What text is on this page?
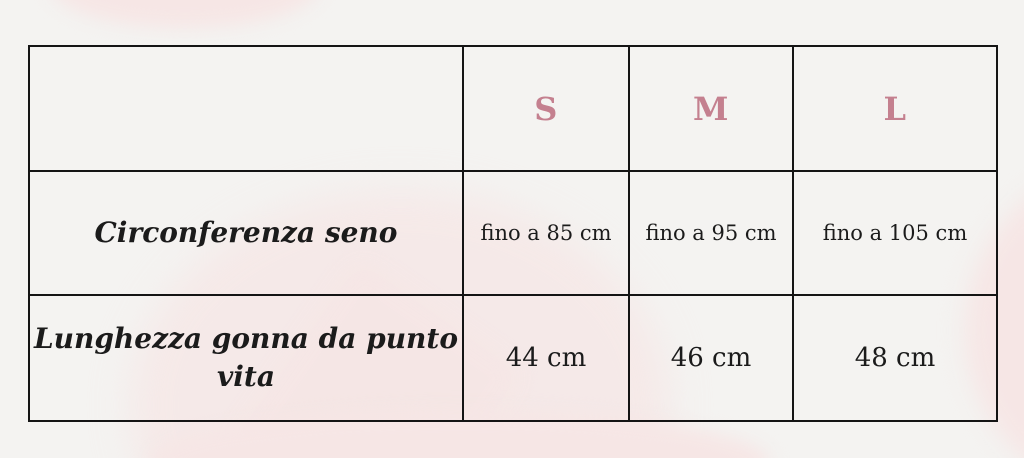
	S	M	L
Circonferenza seno	fino a 85 cm	fino a 95 cm	fino a 105 cm
Lunghezza gonna da punto vita	44 cm	46 cm	48 cm
